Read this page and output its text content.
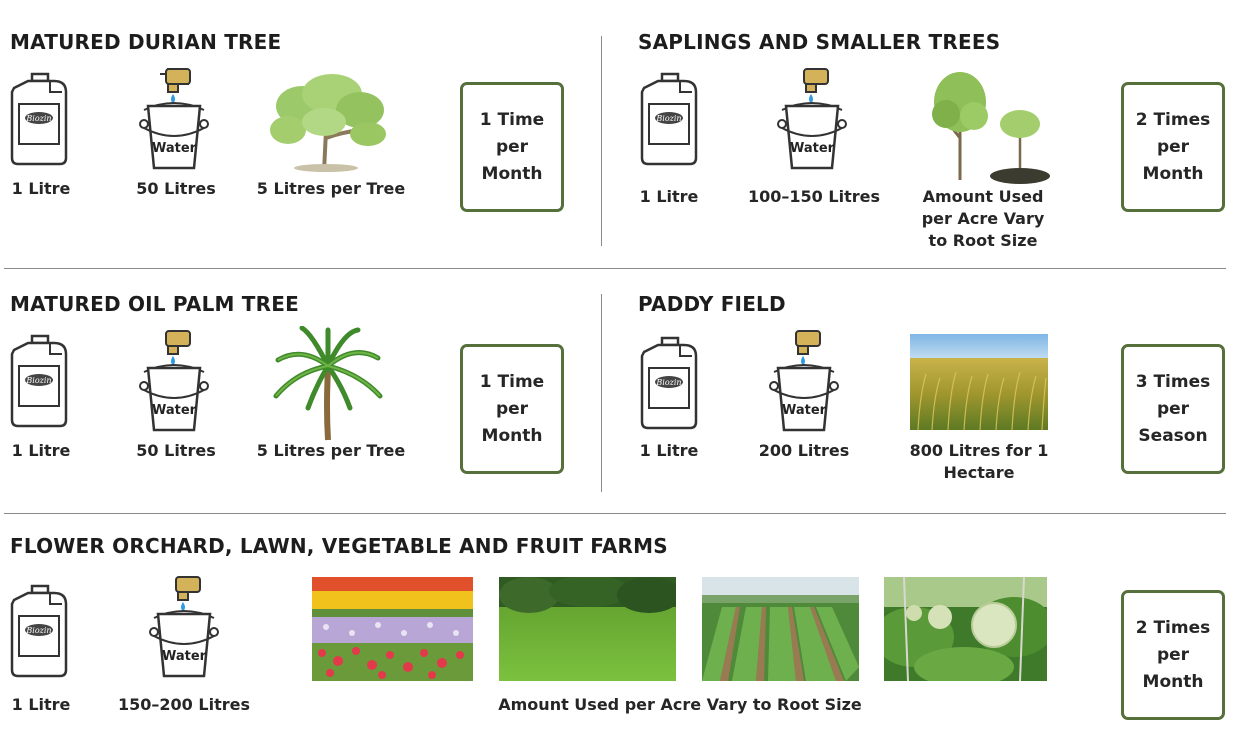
MATURED DURIAN TREE
Biozin
Water
1 Litre	50 Litres	5 Litres per Tree
1 Time per Month
SAPLINGS AND SMALLER TREES
Biozin
Water
1 Litre	100–150 Litres	Amount Used per Acre Vary to Root Size
2 Times per Month
MATURED OIL PALM TREE
Biozin
Water
1 Litre	50 Litres	5 Litres per Tree
1 Time per Month
PADDY FIELD
Biozin
Water
1 Litre	200 Litres	800 Litres for 1 Hectare
3 Times per Season
FLOWER ORCHARD, LAWN, VEGETABLE AND FRUIT FARMS
Biozin
Water
1 Litre	150–200 Litres	Amount Used per Acre Vary to Root Size
2 Times per Month
